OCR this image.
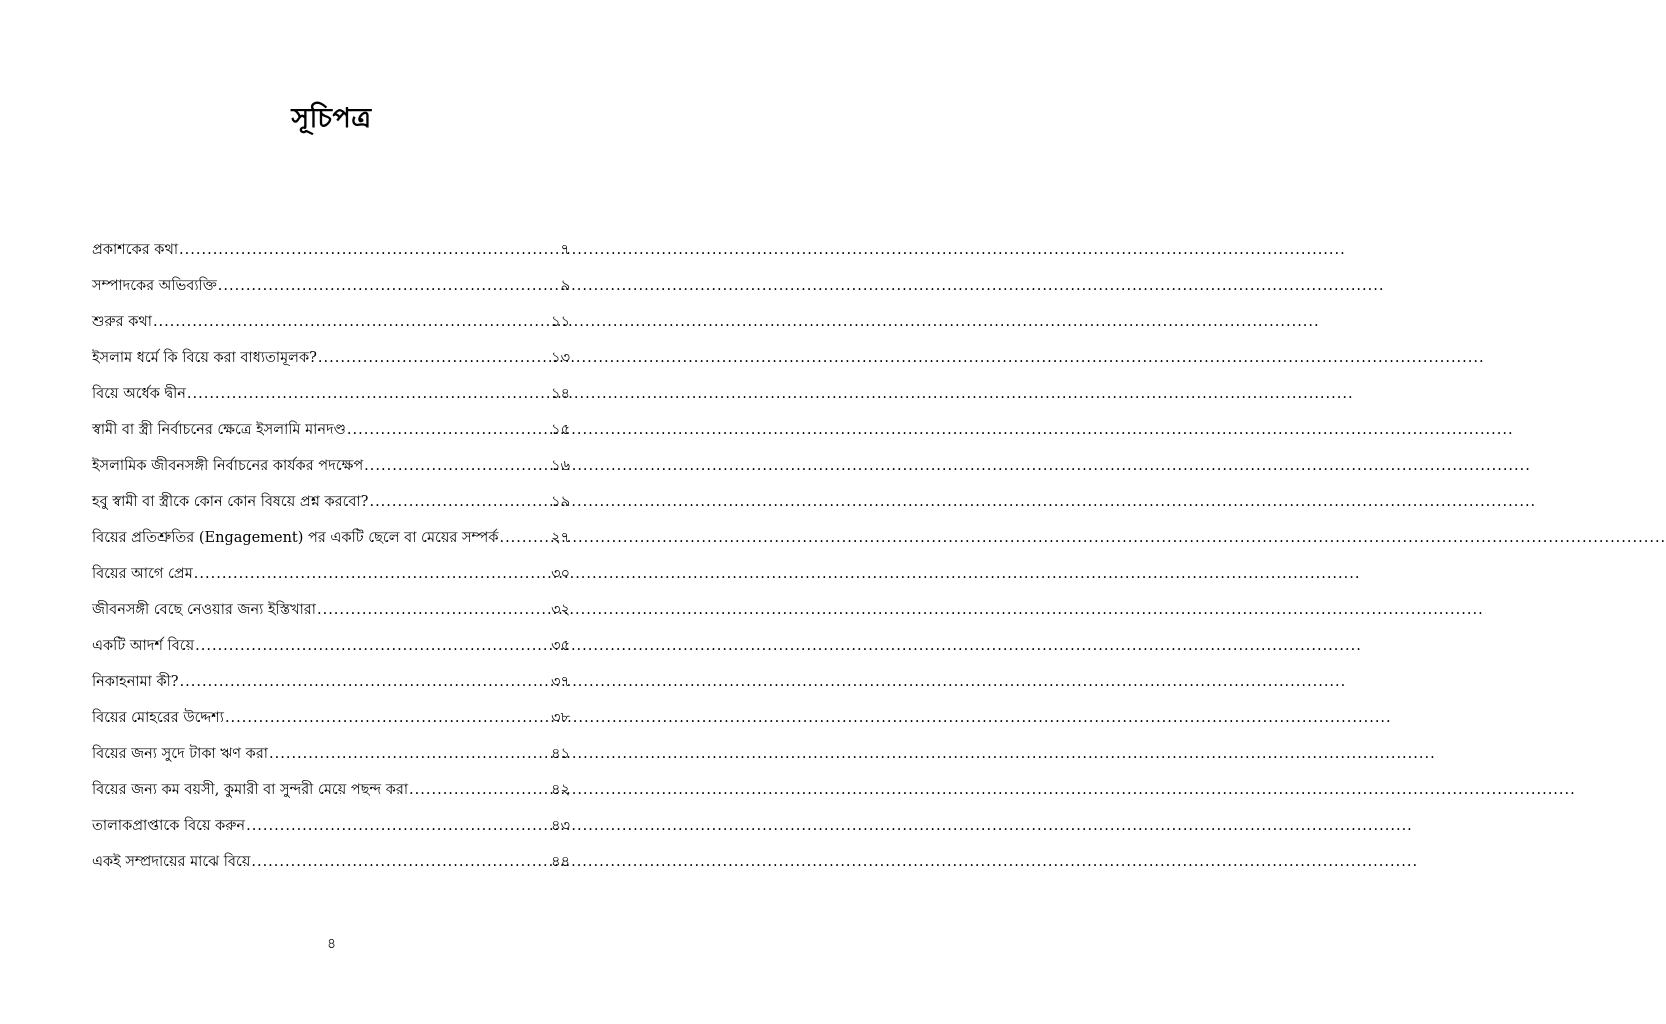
সূচিপত্র
প্রকাশকের কথা .....	৭
সম্পাদকের অভিব্যক্তি .....	৯
শুরুর কথা .....	১১
ইসলাম ধর্মে কি বিয়ে করা বাধ্যতামূলক? .....	১৩
বিয়ে অর্ধেক দ্বীন .....	১৪
স্বামী বা স্ত্রী নির্বাচনের ক্ষেত্রে ইসলামি মানদণ্ড .....	১৫
ইসলামিক জীবনসঙ্গী নির্বাচনের কার্যকর পদক্ষেপ .....	১৬
হবু স্বামী বা স্ত্রীকে কোন কোন বিষয়ে প্রশ্ন করবো? .....	১৯
বিয়ের প্রতিশ্রুতির (Engagement) পর একটি ছেলে বা মেয়ের সম্পর্ক .....	২৭
বিয়ের আগে প্রেম .....	৩০
জীবনসঙ্গী বেছে নেওয়ার জন্য ইস্তিখারা .....	৩২
একটি আদর্শ বিয়ে .....	৩৫
নিকাহনামা কী? .....	৩৭
বিয়ের মোহরের উদ্দেশ্য .....	৩৮
বিয়ের জন্য সুদে টাকা ঋণ করা .....	৪১
বিয়ের জন্য কম বয়সী, কুমারী বা সুন্দরী মেয়ে পছন্দ করা .....	৪২
তালাকপ্রাপ্তাকে বিয়ে করুন .....	৪৩
একই সম্প্রদায়ের মাঝে বিয়ে .....	৪৪
৪
